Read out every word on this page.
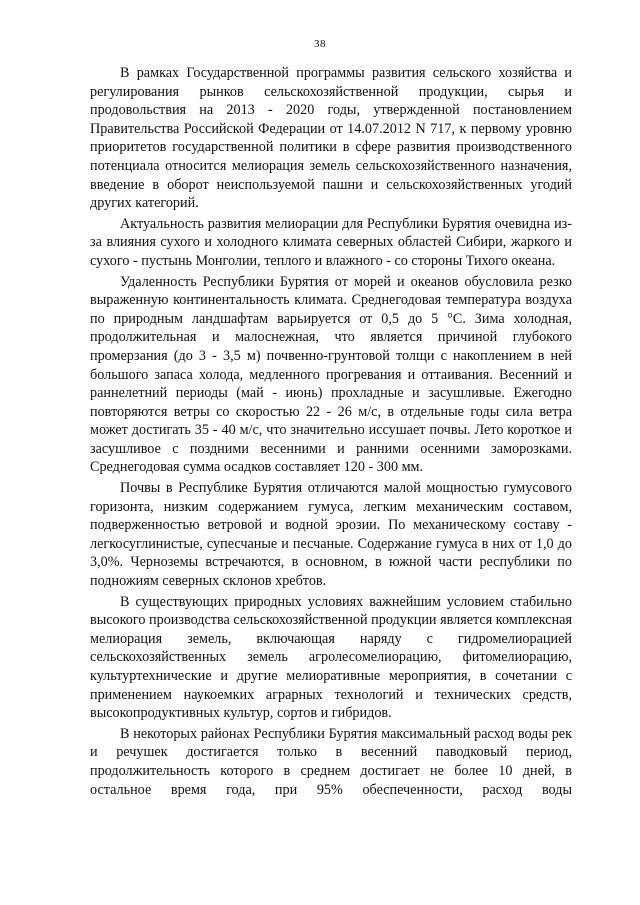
38

В рамках Государственной программы развития сельского хозяйства и регулирования рынков сельскохозяйственной продукции, сырья и продовольствия на 2013 - 2020 годы, утвержденной постановлением Правительства Российской Федерации от 14.07.2012 N 717, к первому уровню приоритетов государственной политики в сфере развития производственного потенциала относится мелиорация земель сельскохозяйственного назначения, введение в оборот неиспользуемой пашни и сельскохозяйственных угодий других категорий.

Актуальность развития мелиорации для Республики Бурятия очевидна из-за влияния сухого и холодного климата северных областей Сибири, жаркого и сухого - пустынь Монголии, теплого и влажного - со стороны Тихого океана.

Удаленность Республики Бурятия от морей и океанов обусловила резко выраженную континентальность климата. Среднегодовая температура воздуха по природным ландшафтам варьируется от 0,5 до 5 °С. Зима холодная, продолжительная и малоснежная, что является причиной глубокого промерзания (до 3 - 3,5 м) почвенно-грунтовой толщи с накоплением в ней большого запаса холода, медленного прогревания и оттаивания. Весенний и раннелетний периоды (май - июнь) прохладные и засушливые. Ежегодно повторяются ветры со скоростью 22 - 26 м/с, в отдельные годы сила ветра может достигать 35 - 40 м/с, что значительно иссушает почвы. Лето короткое и засушливое с поздними весенними и ранними осенними заморозками. Среднегодовая сумма осадков составляет 120 - 300 мм.

Почвы в Республике Бурятия отличаются малой мощностью гумусового горизонта, низким содержанием гумуса, легким механическим составом, подверженностью ветровой и водной эрозии. По механическому составу - легкосуглинистые, супесчаные и песчаные. Содержание гумуса в них от 1,0 до 3,0%. Черноземы встречаются, в основном, в южной части республики по подножиям северных склонов хребтов.

В существующих природных условиях важнейшим условием стабильно высокого производства сельскохозяйственной продукции является комплексная мелиорация земель, включающая наряду с гидромелиорацией сельскохозяйственных земель агролесомелиорацию, фитомелиорацию, культуртехнические и другие мелиоративные мероприятия, в сочетании с применением наукоемких аграрных технологий и технических средств, высокопродуктивных культур, сортов и гибридов.

В некоторых районах Республики Бурятия максимальный расход воды рек и речушек достигается только в весенний паводковый период, продолжительность которого в среднем достигает не более 10 дней, в остальное время года, при 95% обеспеченности, расход воды
